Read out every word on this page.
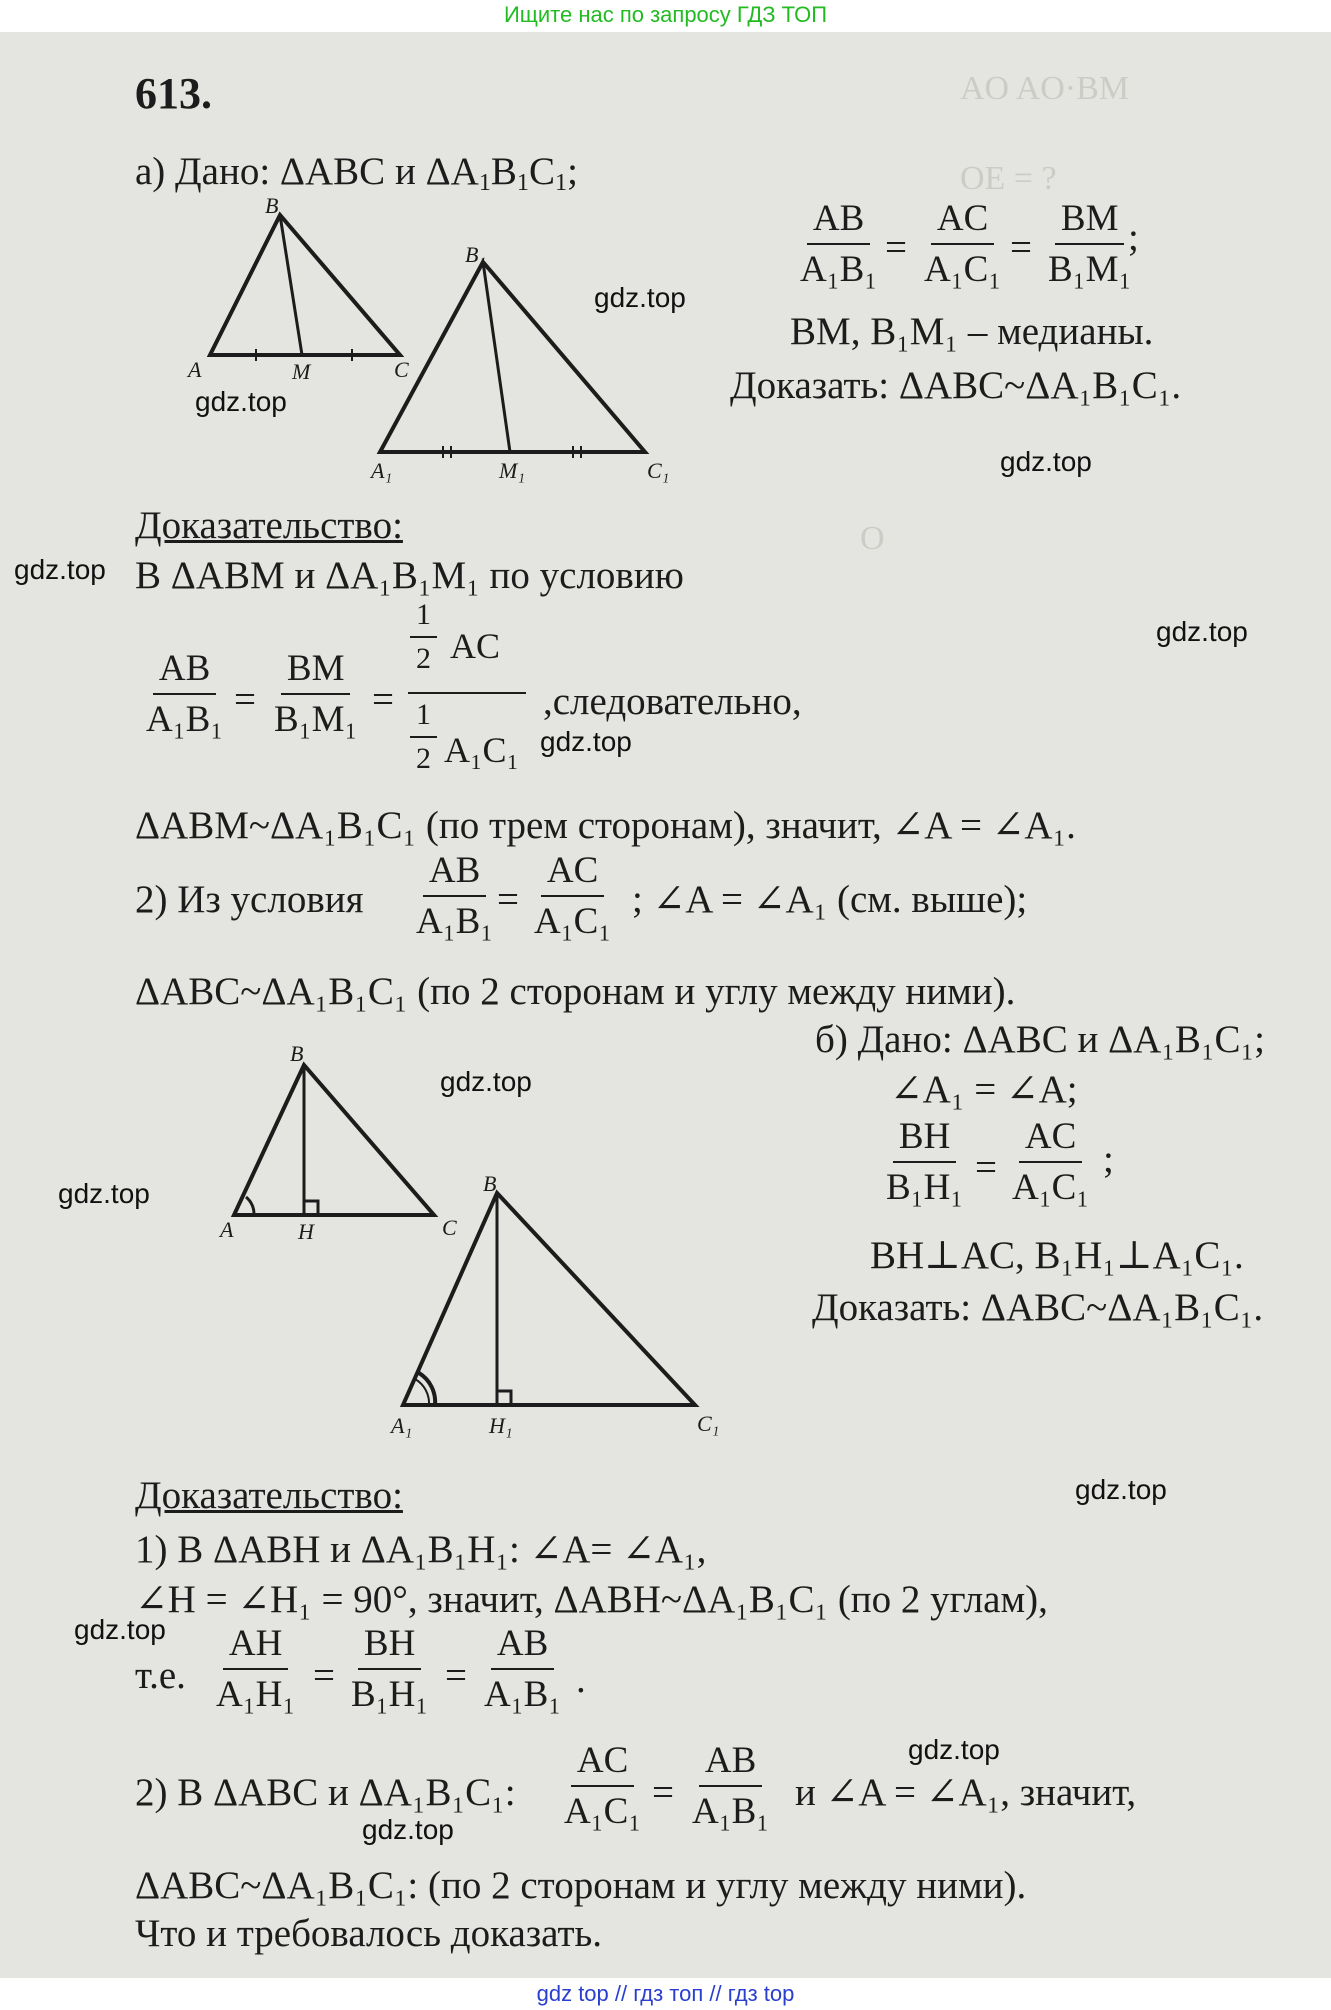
AO AO·BM
OE = ?
O
Ищите нас по запросу ГДЗ ТОП
613.
а) Дано: ΔABC и $\Delta A_1B_1C_1$;
$\frac{AB}{\text{A₁B₁}} = \frac{AC}{\text{A₁C₁}} = \frac{BM}{\text{B₁M₁}}$
;
BM, B₁M₁ – медианы.
Доказать: ΔABC~ΔA₁B₁C₁.
B
A	C
M
B₁
A₁	C₁
M₁
Доказательство:
В ΔABM и ΔA₁B₁M₁ по условию
$\frac{AB}{\text{A₁B₁}} = \frac{BM}{\text{B₁M₁}}$ =
$\frac{1}{2}$ AC
$\frac{1}{2} A_1C_1$
,следовательно,
ΔABM~ΔA₁B₁C₁ (по трем сторонам), значит, ∠A = ∠A₁.
2) Из условия $\frac{AB}{\text{A₁B₁}}$
= $\frac{AC}{\text{A₁C₁}}$ ; ∠A = ∠A₁ (см. выше);
ΔABC~ΔA₁B₁C₁ (по 2 сторонам и углу между ними).
б) Дано: ΔABC и ΔA₁B₁C₁;
∠A₁ = ∠A;
$\frac{BH}{\text{B₁H₁}} = \frac{AC}{\text{A₁C₁}}$ ;
BH⊥AC, B₁H₁⊥A₁C₁.
Доказать: ΔABC~ΔA₁B₁C₁.
B
A	C
H
B
A₁	C₁
H₁
Доказательство:
1) В ΔABH и ΔA₁B₁H₁: ∠A= ∠A₁,
∠H = ∠H₁ = 90°, значит, ΔABH~ΔA₁B₁C₁ (по 2 углам),
т.е. $\frac{AH}{\text{A₁H₁}} = \frac{BH}{\text{B₁H₁}} = \frac{AB}{\text{A₁B₁}}$ .
2) В ΔABC и ΔA₁B₁C₁: $\frac{AC}{\text{A₁C₁}} = \frac{AB}{\text{A₁B₁}}$ и ∠A = ∠A₁, значит,
ΔABC~ΔA₁B₁C₁: (по 2 сторонам и углу между ними).
Что и требовалось доказать.
gdz.top
gdz.top
gdz.top
gdz.top
gdz.top
gdz.top
gdz.top
gdz.top
gdz.top
gdz.top
gdz.top
gdz.top
gdz top // гдз топ // гдз top
